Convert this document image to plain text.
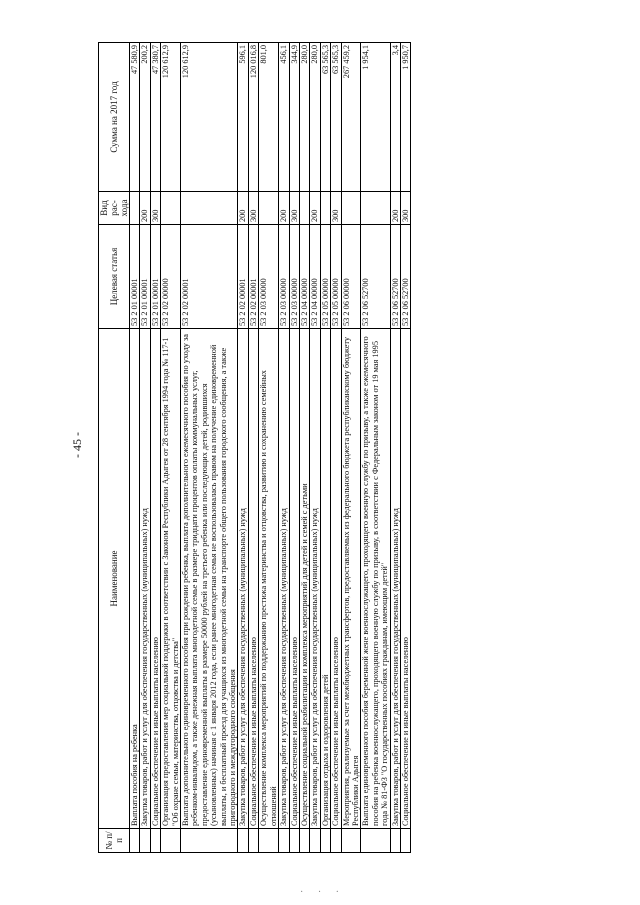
- 45 -
№ п/п	Наименование	Целевая статья	Вид рас- хода	Сумма на 2017 год
	Выплата пособия на ребенка	53 2 01 00001		47 580,9
	Закупка товаров, работ и услуг для обеспечения государственных (муниципальных) нужд	53 2 01 00001	200	200,2
	Социальное обеспечение и иные выплаты населению	53 2 01 00001	300	47 380,7
	Организация предоставления мер социальной поддержки в соответствии с Законом Республики Адыгея от 28 сентября 1994 года № 117-1 "Об охране семьи, материнства, отцовства и детства"	53 2 02 00000		120 612,9
	Выплата дополнительного единовременного пособия при рождении ребенка, выплата дополнительного ежемесячного пособия по уходу за ребенком-инвалидом, а также денежная выплата многодетной семье в размере тридцати процентов оплаты коммунальных услуг, предоставление единовременной выплаты в размере 50000 рублей на третьего ребенка или последующих детей, родившихся (усыновленных) начиная с 1 января 2012 года, если ранее многодетная семья не воспользовалась правом на получение единовременной выплаты, и бесплатный проезд для учащихся из многодетной семьи на транспорте общего пользования городского сообщения, а также пригородного и междугородного сообщения	53 2 02 00001		120 612,9
	Закупка товаров, работ и услуг для обеспечения государственных (муниципальных) нужд	53 2 02 00001	200	596,1
	Социальное обеспечение и иные выплаты населению	53 2 02 00001	300	120 016,8
	Осуществление комплекса мероприятий по поддержанию престижа материнства и отцовства, развитию и сохранению семейных отношений	53 2 03 00000		801,0
	Закупка товаров, работ и услуг для обеспечения государственных (муниципальных) нужд	53 2 03 00000	200	456,1
	Социальное обеспечение и иные выплаты населению	53 2 03 00000	300	344,9
	Осуществление социальной реабилитации и комплекса мероприятий для детей и семей с детьми	53 2 04 00000		280,0
	Закупка товаров, работ и услуг для обеспечения государственных (муниципальных) нужд	53 2 04 00000	200	280,0
	Организация отдыха и оздоровления детей	53 2 05 00000		63 565,3
	Социальное обеспечение и иные выплаты населению	53 2 05 00000	300	63 565,3
	Мероприятия, реализуемые за счет межбюджетных трансфертов, предоставляемых из федерального бюджета республиканскому бюджету Республики Адыгея	53 2 06 00000		267 459,2
	Выплата единовременного пособия беременной жене военнослужащего, проходящего военную службу по призыву, а также ежемесячного пособия на ребенка военнослужащего, проходящего военную службу по призыву, в соответствии с Федеральным законом от 19 мая 1995 года № 81-ФЗ "О государственных пособиях гражданам, имеющим детей"	53 2 06 52700		1 954,1
	Закупка товаров, работ и услуг для обеспечения государственных (муниципальных) нужд	53 2 06 52700	200	3,4
	Социальное обеспечение и иные выплаты населению	53 2 06 52700	300	1 950,7
· · ·
